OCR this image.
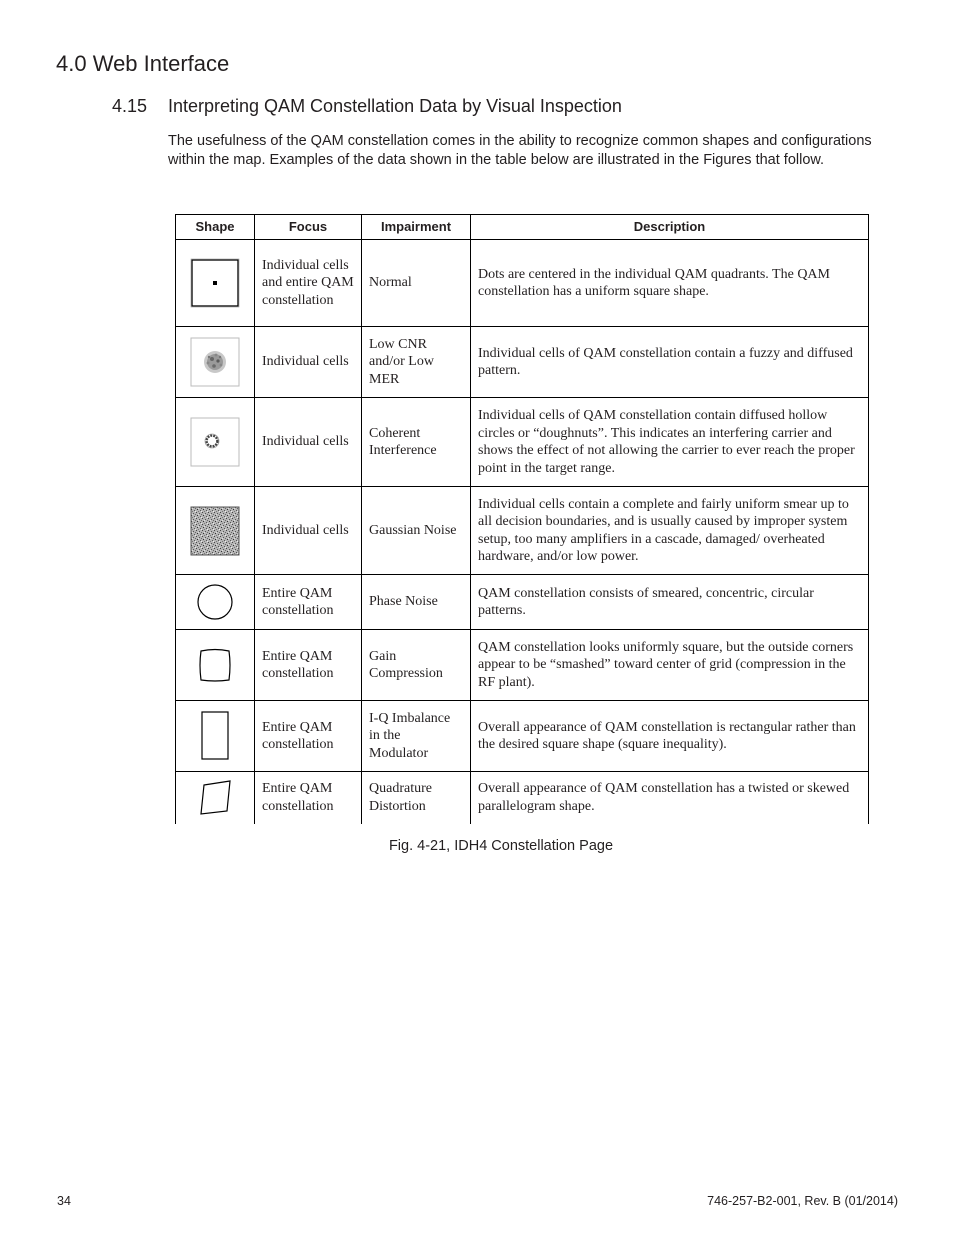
4.0 Web Interface
4.15 Interpreting QAM Constellation Data by Visual Inspection

The usefulness of the QAM constellation comes in the ability to recognize common shapes and configurations within the map. Examples of the data shown in the table below are illustrated in the Figures that follow.

Shape	Focus	Impairment	Description

	Individual cells and entire QAM constellation	Normal	Dots are centered in the individual QAM quadrants. The QAM constellation has a uniform square shape.

	Individual cells	Low CNR and/or Low MER	Individual cells of QAM constellation contain a fuzzy and diffused pattern.

	Individual cells	Coherent Interference	Individual cells of QAM constellation contain diffused hollow circles or “doughnuts”. This indicates an interfering carrier and shows the effect of not allowing the carrier to ever reach the proper point in the target range.

	Individual cells	Gaussian Noise	Individual cells contain a complete and fairly uniform smear up to all decision boundaries, and is usually caused by improper system setup, too many amplifiers in a cascade, damaged/ overheated hardware, and/or low power.

	Entire QAM constellation	Phase Noise	QAM constellation consists of smeared, concentric, circular patterns.

	Entire QAM constellation	Gain Compression	QAM constellation looks uniformly square, but the outside corners appear to be “smashed” toward center of grid (compression in the RF plant).

	Entire QAM constellation	I-Q Imbalance in the Modulator	Overall appearance of QAM constellation is rectangular rather than the desired square shape (square inequality).

	Entire QAM constellation	Quadrature Distortion	Overall appearance of QAM constellation has a twisted or skewed parallelogram shape.
Fig. 4-21, IDH4 Constellation Page
34	746-257-B2-001, Rev. B (01/2014)
